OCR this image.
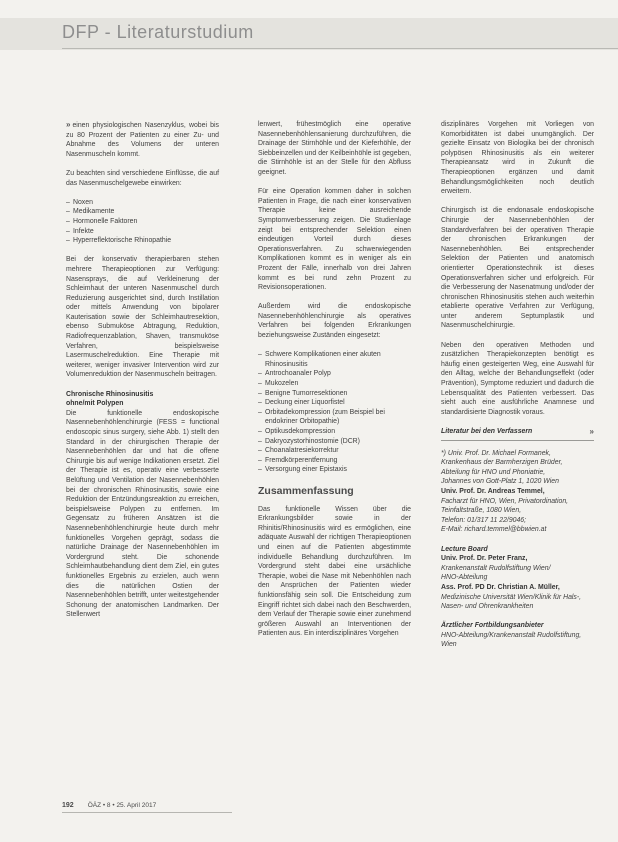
DFP - Literaturstudium

» einen physiologischen Nasenzyklus, wobei bis zu 80 Prozent der Patienten zu einer Zu- und Abnahme des Volumens der unteren Nasenmuscheln kommt.

Zu beachten sind verschiedene Einflüsse, die auf das Nasenmuschelgewebe einwirken:

– Noxen
– Medikamente
– Hormonelle Faktoren
– Infekte
– Hyperreflektorische Rhinopathie

Bei der konservativ therapierbaren stehen mehrere Therapieoptionen zur Verfügung: Nasensprays, die auf Verkleinerung der Schleimhaut der unteren Nasenmuschel durch Reduzierung ausgerichtet sind, durch Instillation oder mittels Anwendung von bipolarer Kauterisation sowie der Schleimhautresektion, ebenso Submuköse Abtragung, Reduktion, Radiofrequenzablation, Shaven, transmuköse Verfahren, beispielsweise Lasermuschelreduktion. Eine Therapie mit weiterer, weniger invasiver Intervention wird zur Volumenreduktion der Nasenmuscheln beitragen.

Chronische Rhinosinusitis
ohne/mit Polypen

Die funktionelle endoskopische Nasennebenhöhlenchirurgie (FESS = functional endoscopic sinus surgery, siehe Abb. 1) stellt den Standard in der chirurgischen Therapie der Nasennebenhöhlen dar und hat die offene Chirurgie bis auf wenige Indikationen ersetzt. Ziel der Therapie ist es, operativ eine verbesserte Belüftung und Ventilation der Nasennebenhöhlen bei der chronischen Rhinosinusitis, sowie eine Reduktion der Entzündungsreaktion zu erreichen, beispielsweise Polypen zu entfernen. Im Gegensatz zu früheren Ansätzen ist die Nasennebenhöhlenchirurgie heute durch mehr funktionelles Vorgehen geprägt, sodass die natürliche Drainage der Nasennebenhöhlen im Vordergrund steht. Die schonende Schleimhautbehandlung dient dem Ziel, ein gutes funktionelles Ergebnis zu erzielen, auch wenn dies die natürlichen Ostien der Nasennebenhöhlen betrifft, unter weitestgehender Schonung der anatomischen Landmarken. Der Stellenwert

lenwert, frühestmöglich eine operative Nasennebenhöhlensanierung durchzuführen, die Drainage der Stirnhöhle und der Kieferhöhle, der Siebbeinzellen und der Keilbeinhöhle ist gegeben, die Stirnhöhle ist an der Stelle für den Abfluss geeignet.

Für eine Operation kommen daher in solchen Patienten in Frage, die nach einer konservativen Therapie keine ausreichende Symptomverbesserung zeigen. Die Studienlage zeigt bei entsprechender Selektion einen eindeutigen Vorteil durch dieses Operationsverfahren. Zu schwerwiegenden Komplikationen kommt es in weniger als ein Prozent der Fälle, innerhalb von drei Jahren kommt es bei rund zehn Prozent zu Revisionsoperationen.

Außerdem wird die endoskopische Nasennebenhöhlenchirurgie als operatives Verfahren bei folgenden Erkrankungen beziehungsweise Zuständen eingesetzt:

– Schwere Komplikationen einer akuten Rhinosinusitis
– Antrochoanaler Polyp
– Mukozelen
– Benigne Tumorresektionen
– Deckung einer Liquorfistel
– Orbitadekompression (zum Beispiel bei endokriner Orbitopathie)
– Optikusdekompression
– Dakryozystorhinostomie (DCR)
– Choanalatresiekorrektur
– Fremdkörperentfernung
– Versorgung einer Epistaxis
Zusammenfassung

Das funktionelle Wissen über die Erkrankungsbilder sowie in der Rhinitis/Rhinosinusitis wird es ermöglichen, eine adäquate Auswahl der richtigen Therapieoptionen und einen auf die Patienten abgestimmte individuelle Behandlung durchzuführen. Im Vordergrund steht dabei eine ursächliche Therapie, wobei die Nase mit Nebenhöhlen nach den Ansprüchen der Patienten wieder funktionsfähig sein soll. Die Entscheidung zum Eingriff richtet sich dabei nach den Beschwerden, dem Verlauf der Therapie sowie einer zunehmend größeren Auswahl an Interventionen der Patienten aus. Ein interdisziplinäres Vorgehen

disziplinäres Vorgehen mit Vorliegen von Komorbiditäten ist dabei unumgänglich. Der gezielte Einsatz von Biologika bei der chronisch polypösen Rhinosinusitis als ein weiterer Therapieansatz wird in Zukunft die Therapieoptionen ergänzen und damit Behandlungsmöglichkeiten noch deutlich erweitern.

Chirurgisch ist die endonasale endoskopische Chirurgie der Nasennebenhöhlen der Standardverfahren bei der operativen Therapie der chronischen Erkrankungen der Nasennebenhöhlen. Bei entsprechender Selektion der Patienten und anatomisch orientierter Operationstechnik ist dieses Operationsverfahren sicher und erfolgreich. Für die Verbesserung der Nasenatmung und/oder der chronischen Rhinosinusitis stehen auch weiterhin etablierte operative Verfahren zur Verfügung, unter anderem Septumplastik und Nasenmuschelchirurgie.

Neben den operativen Methoden und zusätzlichen Therapiekonzepten benötigt es häufig einen gesteigerten Weg, eine Auswahl für den Alltag, welche der Behandlungseffekt (oder Prävention), Symptome reduziert und dadurch die Lebensqualität des Patienten verbessert. Das sieht auch eine ausführliche Anamnese und standardisierte Diagnostik voraus.

Literatur bei den Verfassern	»

*) Univ. Prof. Dr. Michael Formanek,

Krankenhaus der Barmherzigen Brüder,

Abteilung für HNO und Phoniatrie,

Johannes von Gott-Platz 1, 1020 Wien

Univ. Prof. Dr. Andreas Temmel,

Facharzt für HNO, Wien, Privatordination,

Teinfaltstraße, 1080 Wien,

Telefon: 01/317 11 22/9046;

E-Mail: richard.temmel@bbwien.at

Lecture Board

Univ. Prof. Dr. Peter Franz,

Krankenanstalt Rudolfstiftung Wien/

HNO-Abteilung

Ass. Prof. PD Dr. Christian A. Müller,

Medizinische Universität Wien/Klinik für Hals-,

Nasen- und Ohrenkrankheiten

Ärztlicher Fortbildungsanbieter

HNO-Abteilung/Krankenanstalt Rudolfstiftung, Wien

192 ÖÄZ • 8 • 25. April 2017
